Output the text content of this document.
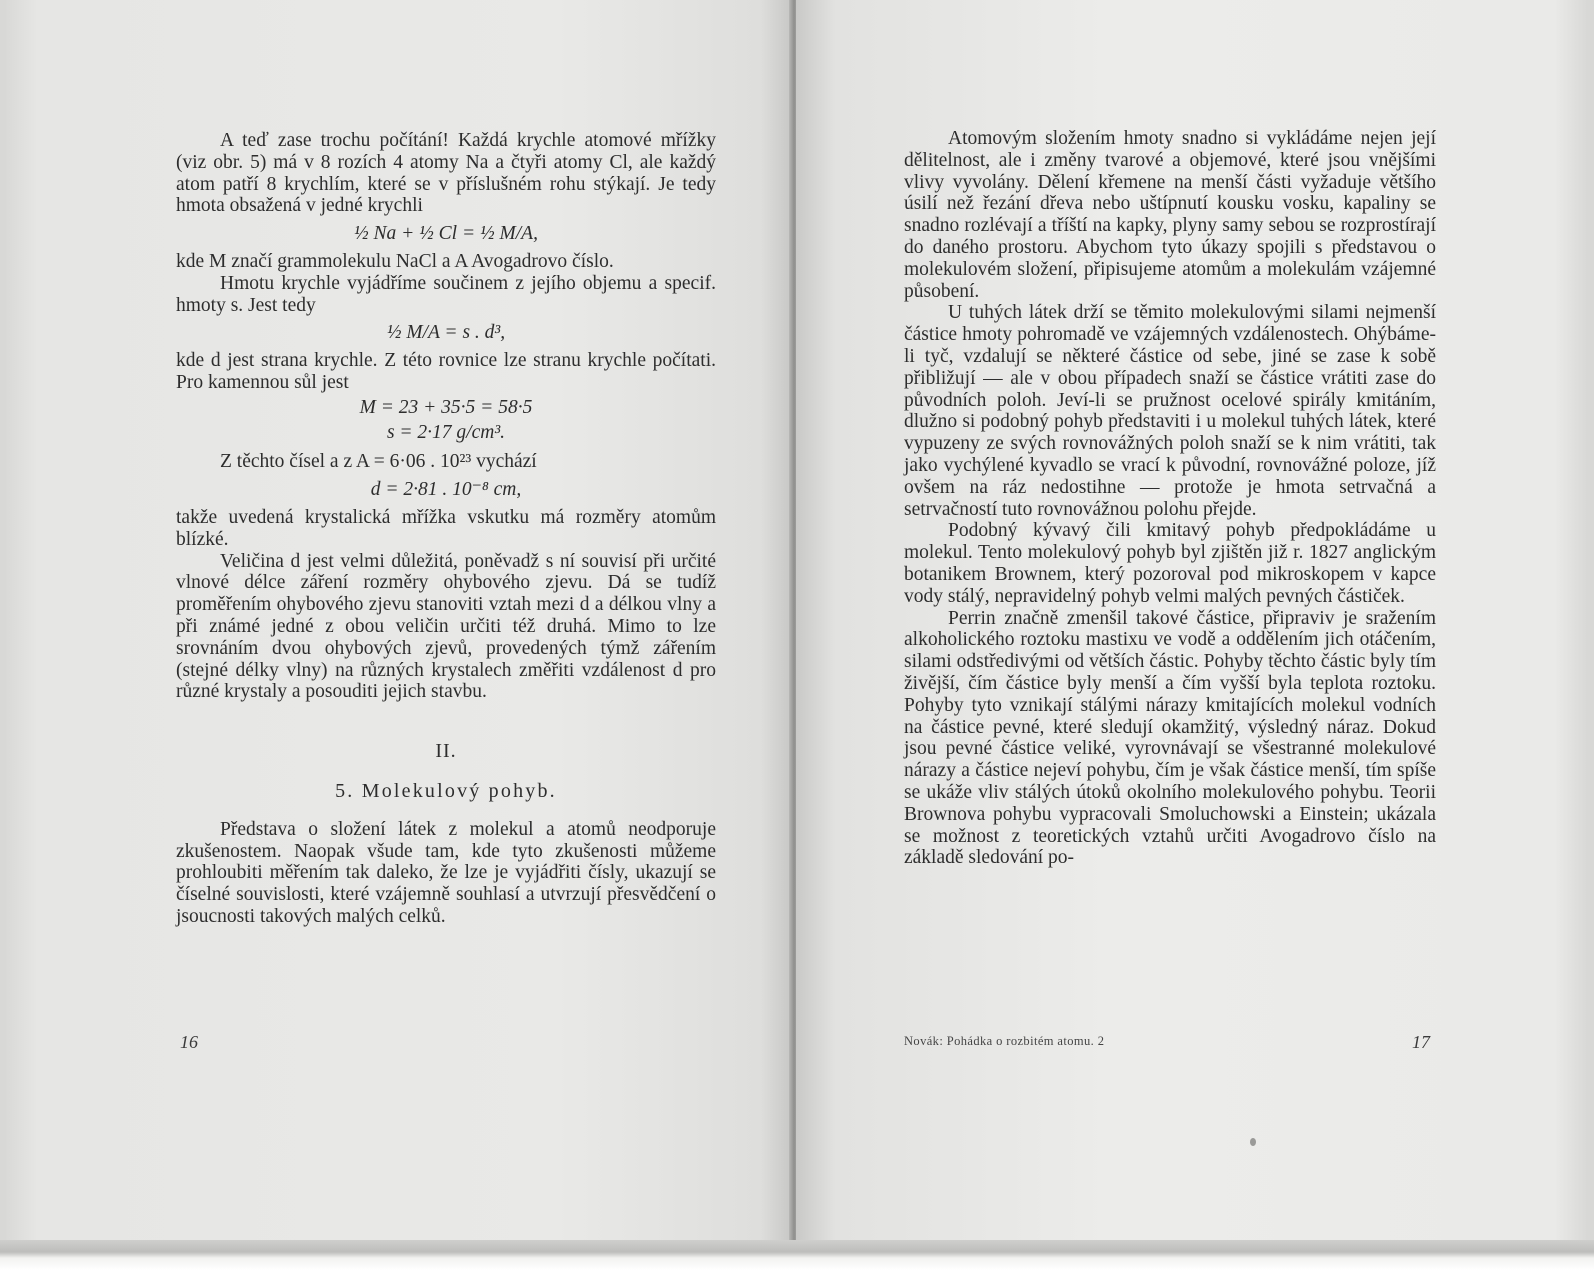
A teď zase trochu počítání! Každá krychle atomové mřížky (viz obr. 5) má v 8 rozích 4 atomy Na a čtyři atomy Cl, ale každý atom patří 8 krychlím, které se v příslušném rohu stýkají. Je tedy hmota obsažená v jedné krychli

½ Na + ½ Cl = ½ M/A,

kde M značí grammolekulu NaCl a A Avogadrovo číslo.

Hmotu krychle vyjádříme součinem z jejího objemu a specif. hmoty s. Jest tedy

½ M/A = s . d³,

kde d jest strana krychle. Z této rovnice lze stranu krychle počítati. Pro kamennou sůl jest

M = 23 + 35·5 = 58·5
s = 2·17 g/cm³.

Z těchto čísel a z A = 6·06 . 10²³ vychází

d = 2·81 . 10⁻⁸ cm,

takže uvedená krystalická mřížka vskutku má rozměry atomům blízké.

Veličina d jest velmi důležitá, poněvadž s ní souvisí při určité vlnové délce záření rozměry ohybového zjevu. Dá se tudíž proměřením ohybového zjevu stanoviti vztah mezi d a délkou vlny a při známé jedné z obou veličin určiti též druhá. Mimo to lze srovnáním dvou ohybových zjevů, provedených týmž zářením (stejné délky vlny) na různých krystalech změřiti vzdálenost d pro různé krystaly a posouditi jejich stavbu.

II.
5. Molekulový pohyb.

Představa o složení látek z molekul a atomů neodporuje zkušenostem. Naopak všude tam, kde tyto zkušenosti můžeme prohloubiti měřením tak daleko, že lze je vyjádřiti čísly, ukazují se číselné souvislosti, které vzájemně souhlasí a utvrzují přesvědčení o jsoucnosti takových malých celků.

16

Atomovým složením hmoty snadno si vykládáme nejen její dělitelnost, ale i změny tvarové a objemové, které jsou vnějšími vlivy vyvolány. Dělení křemene na menší části vyžaduje většího úsilí než řezání dřeva nebo uštípnutí kousku vosku, kapaliny se snadno rozlévají a tříští na kapky, plyny samy sebou se rozprostírají do daného prostoru. Abychom tyto úkazy spojili s představou o molekulovém složení, připisujeme atomům a molekulám vzájemné působení.

U tuhých látek drží se těmito molekulovými silami nejmenší částice hmoty pohromadě ve vzájemných vzdálenostech. Ohýbáme-li tyč, vzdalují se některé částice od sebe, jiné se zase k sobě přibližují — ale v obou případech snaží se částice vrátiti zase do původních poloh. Jeví-li se pružnost ocelové spirály kmitáním, dlužno si podobný pohyb představiti i u molekul tuhých látek, které vypuzeny ze svých rovnovážných poloh snaží se k nim vrátiti, tak jako vychýlené kyvadlo se vrací k původní, rovnovážné poloze, jíž ovšem na ráz nedostihne — protože je hmota setrvačná a setrvačností tuto rovnovážnou polohu přejde.

Podobný kývavý čili kmitavý pohyb předpokládáme u molekul. Tento molekulový pohyb byl zjištěn již r. 1827 anglickým botanikem Brownem, který pozoroval pod mikroskopem v kapce vody stálý, nepravidelný pohyb velmi malých pevných částiček.

Perrin značně zmenšil takové částice, připraviv je sražením alkoholického roztoku mastixu ve vodě a oddělením jich otáčením, silami odstředivými od větších částic. Pohyby těchto částic byly tím živější, čím částice byly menší a čím vyšší byla teplota roztoku. Pohyby tyto vznikají stálými nárazy kmitajících molekul vodních na částice pevné, které sledují okamžitý, výsledný náraz. Dokud jsou pevné částice veliké, vyrovnávají se všestranné molekulové nárazy a částice nejeví pohybu, čím je však částice menší, tím spíše se ukáže vliv stálých útoků okolního molekulového pohybu. Teorii Brownova pohybu vypracovali Smoluchowski a Einstein; ukázala se možnost z teoretických vztahů určiti Avogadrovo číslo na základě sledování po-

Novák: Pohádka o rozbitém atomu. 2	17
